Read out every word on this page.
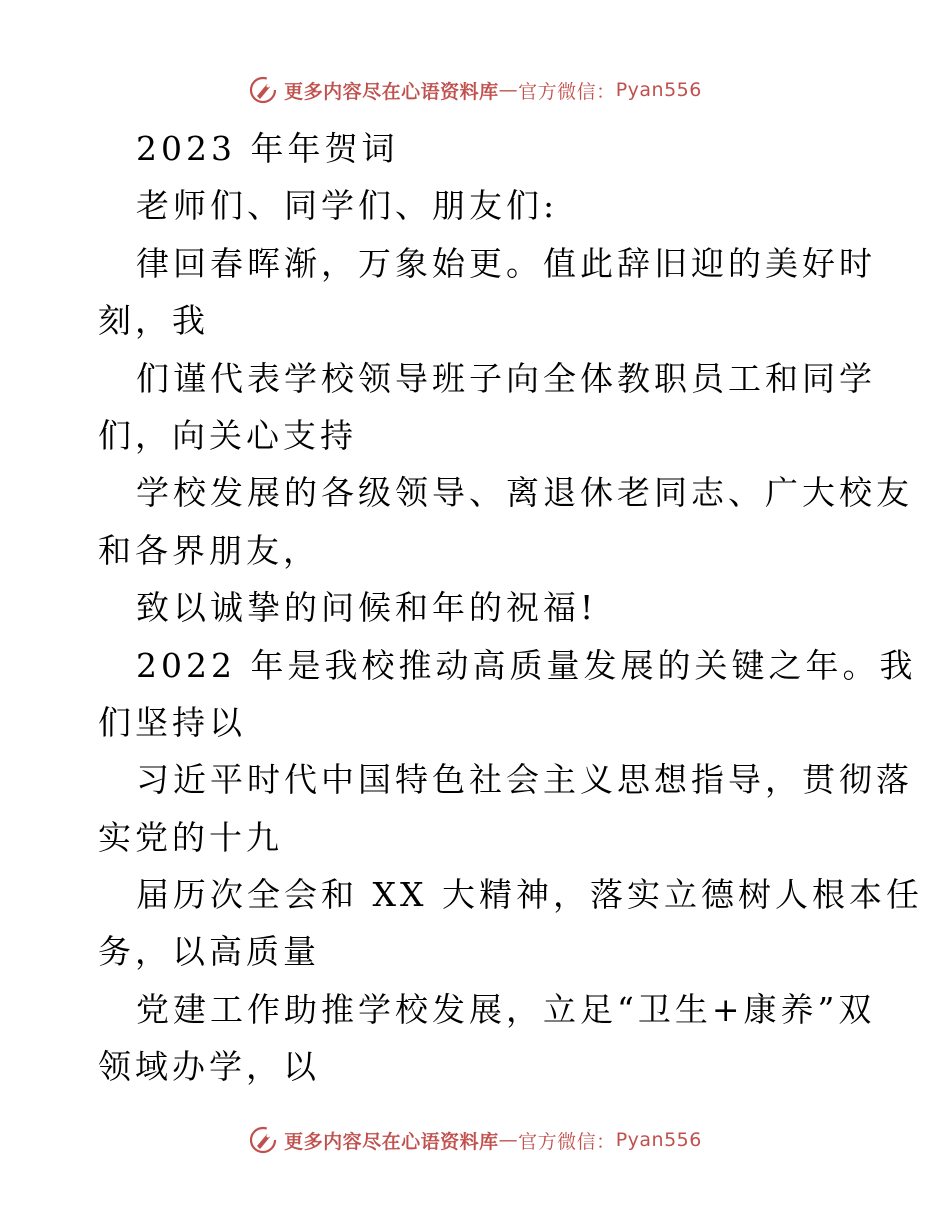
更多内容尽在心语资料库 — 官方微信： Pyan556
2023 年年贺词
老师们、同学们、朋友们:
律回春晖渐，万象始更。值此辞旧迎的美好时
刻，我
们谨代表学校领导班子向全体教职员工和同学
们，向关心支持
学校发展的各级领导、离退休老同志、广大校友
和各界朋友，
致以诚挚的问候和年的祝福!
2022 年是我校推动高质量发展的关键之年。我
们坚持以
习近平时代中国特色社会主义思想指导，贯彻落
实党的十九
届历次全会和 XX 大精神，落实立德树人根本任
务，以高质量
党建工作助推学校发展，立足“卫生+康养”双
领域办学，以
更多内容尽在心语资料库 — 官方微信： Pyan556
